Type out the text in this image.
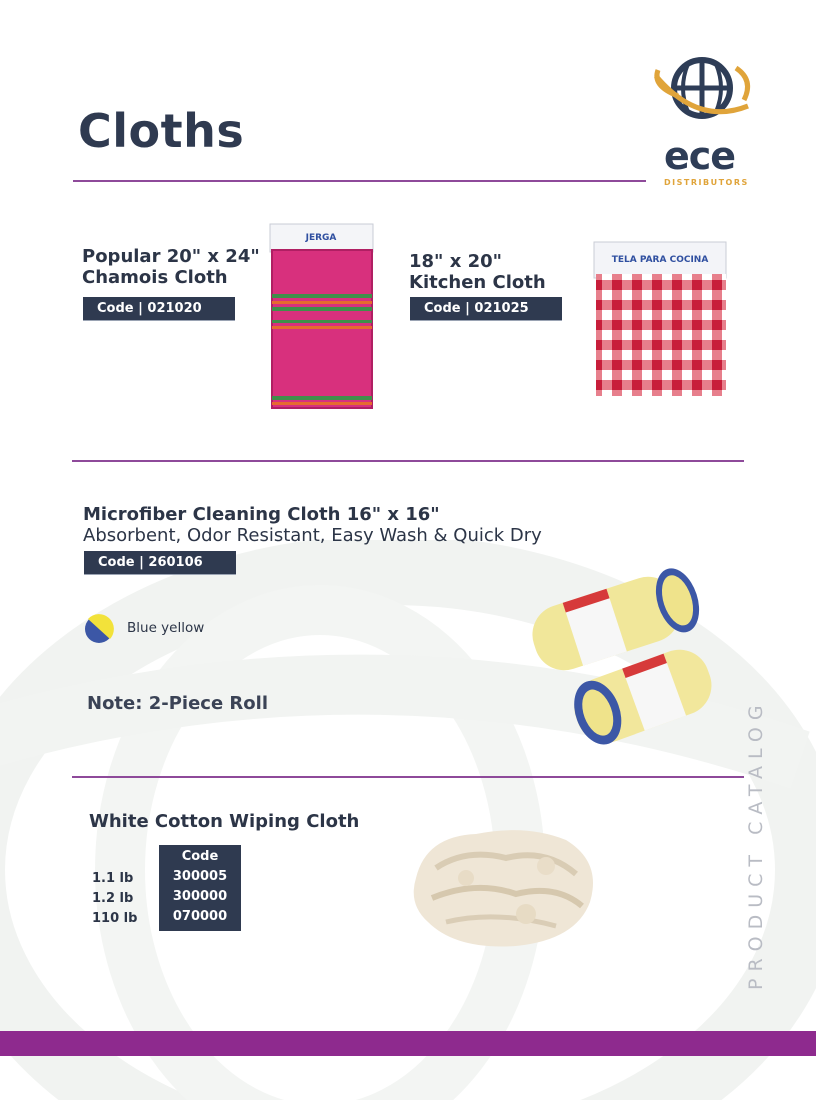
Cloths	ece
DISTRIBUTORS
Popular 20" x 24"
Chamois Cloth
Code | 021020
JERGA
18" x 20"
Kitchen Cloth
Code | 021025
TELA PARA COCINA
Microfiber Cleaning Cloth 16" x 16"
Absorbent, Odor Resistant, Easy Wash & Quick Dry
Code | 260106
Blue yellow
Note: 2-Piece Roll
White Cotton Wiping Cloth
1.1 lb
1.2 lb
110 lb
Code
300005
300000
070000	PRODUCT CATALOG
